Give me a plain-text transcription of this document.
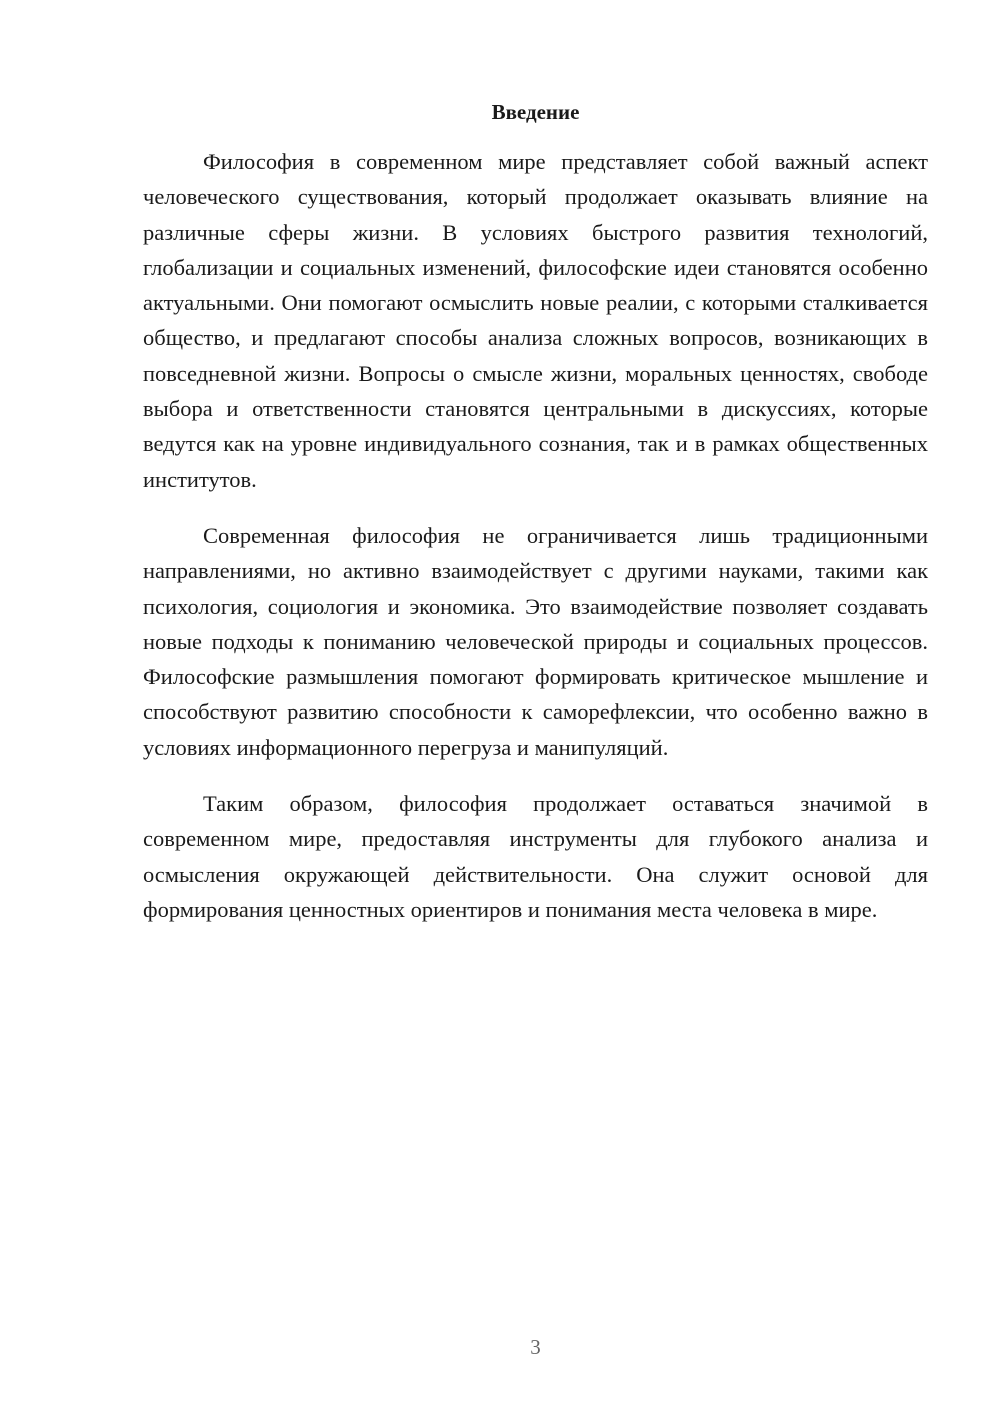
Введение

Философия в современном мире представляет собой важный аспект человеческого существования, который продолжает оказывать влияние на различные сферы жизни. В условиях быстрого развития технологий, глобализации и социальных изменений, философские идеи становятся особенно актуальными. Они помогают осмыслить новые реалии, с которыми сталкивается общество, и предлагают способы анализа сложных вопросов, возникающих в повседневной жизни. Вопросы о смысле жизни, моральных ценностях, свободе выбора и ответственности становятся центральными в дискуссиях, которые ведутся как на уровне индивидуального сознания, так и в рамках общественных институтов.

Современная философия не ограничивается лишь традиционными направлениями, но активно взаимодействует с другими науками, такими как психология, социология и экономика. Это взаимодействие позволяет создавать новые подходы к пониманию человеческой природы и социальных процессов. Философские размышления помогают формировать критическое мышление и способствуют развитию способности к саморефлексии, что особенно важно в условиях информационного перегруза и манипуляций.

Таким образом, философия продолжает оставаться значимой в современном мире, предоставляя инструменты для глубокого анализа и осмысления окружающей действительности. Она служит основой для формирования ценностных ориентиров и понимания места человека в мире.

3
